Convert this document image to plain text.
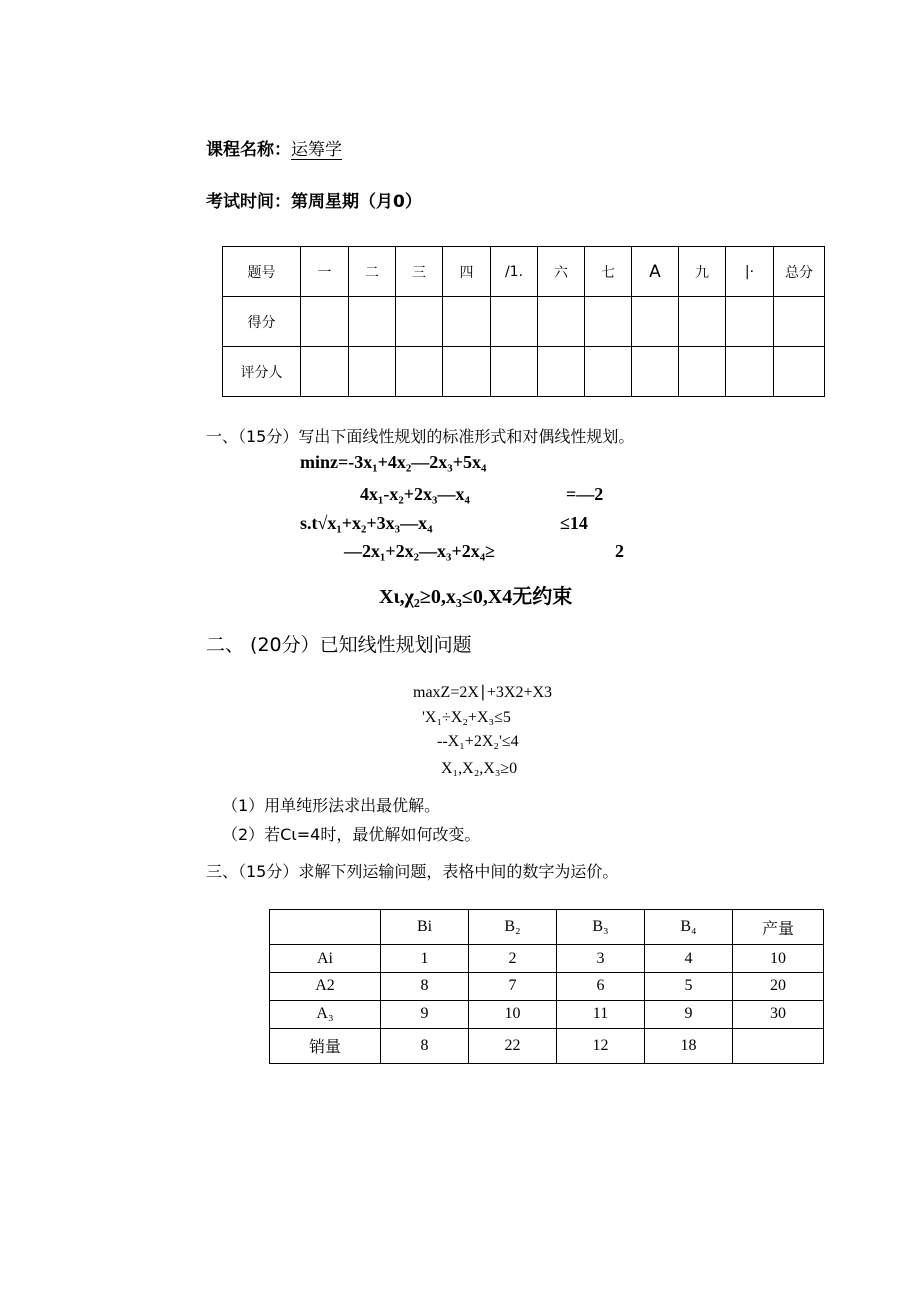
课程名称：运筹学
考试时间：第周星期（月0）
题号	一	二	三	四	/1.	六	七	A	九	|·	总分
得分											
评分人											
一、（15分）写出下面线性规划的标准形式和对偶线性规划。
minz=-3x₁+4x₂—2x₃+5x₄
4x₁-x₂+2x₃—x₄	=—2
s.t√x₁+x₂+3x₃—x₄	≤14
—2x₁+2x₂—x₃+2x₄≥	2
Xι,χ₂≥0,x₃≤0,X4无约束
二、 (20分）已知线性规划问题
maxZ=2X∣+3X2+X3
'X₁÷X₂+X₃≤5
--X₁+2X₂'≤4
X₁,X₂,X₃≥0
（1）用单纯形法求出最优解。
（2）若Cι=4时，最优解如何改变。
三、（15分）求解下列运输问题，表格中间的数字为运价。
	Bi	B₂	B₃	B₄	产量
Ai	1	2	3	4	10
A2	8	7	6	5	20
A₃	9	10	11	9	30
销量	8	22	12	18	
